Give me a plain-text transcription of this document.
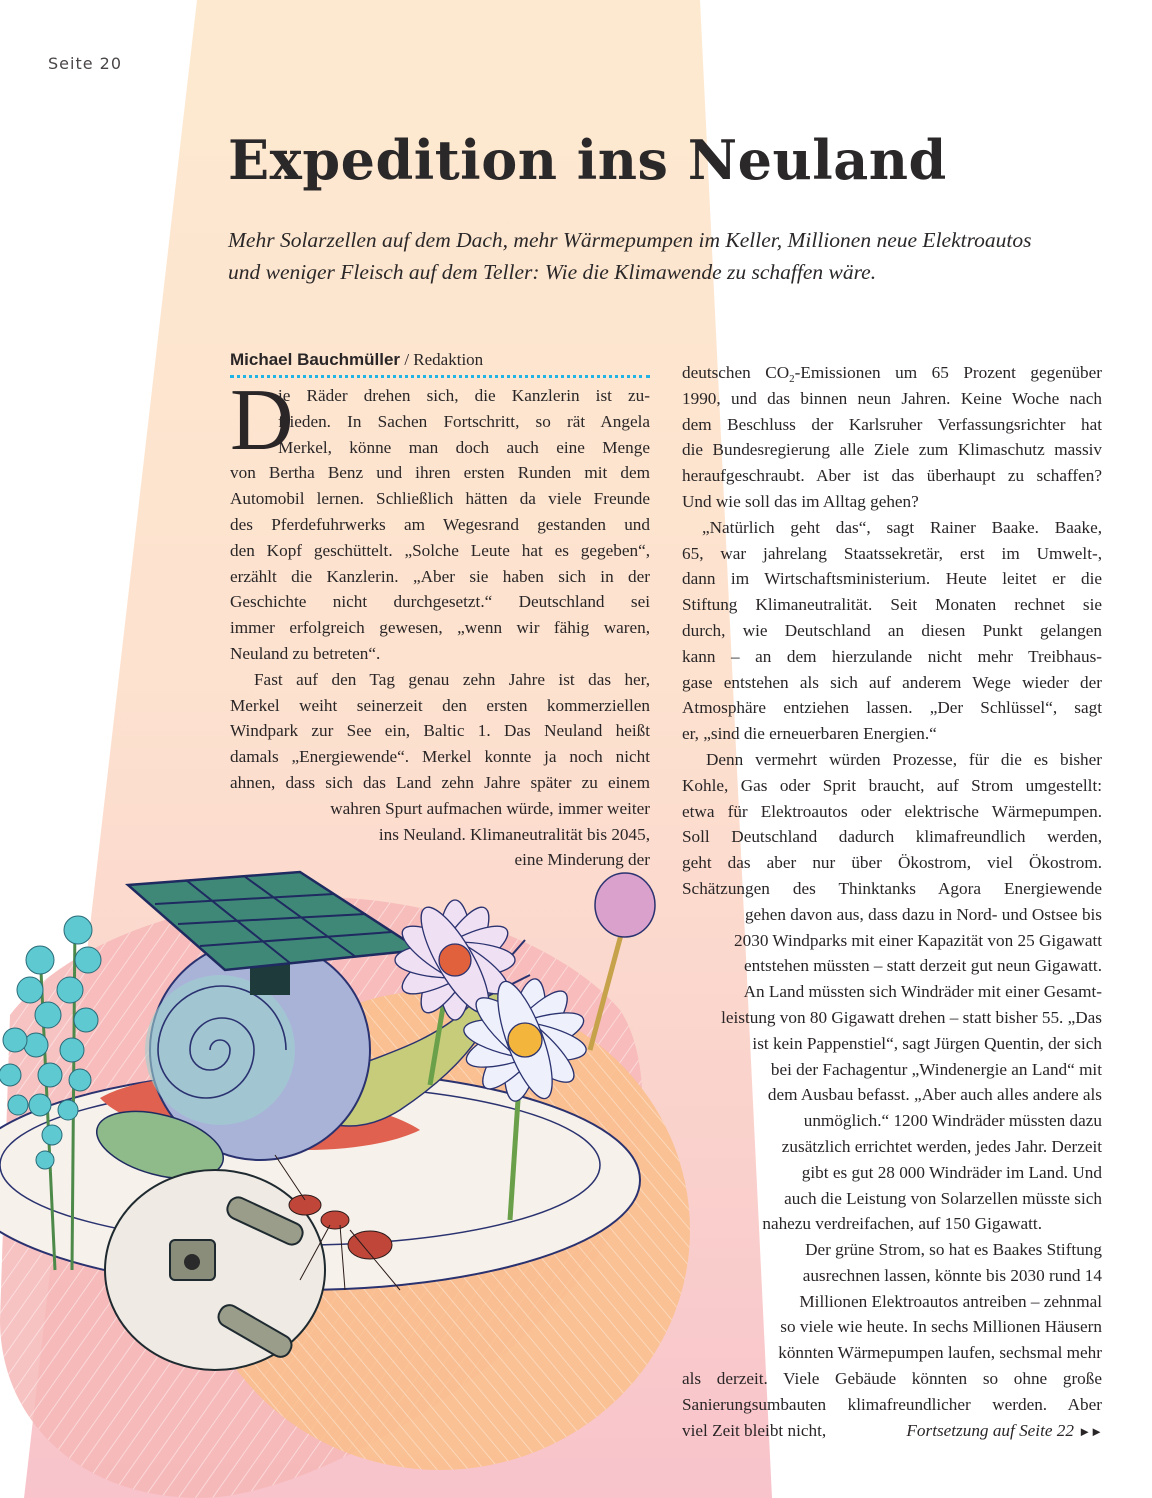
Seite 20
Expedition ins Neuland
Mehr Solarzellen auf dem Dach, mehr Wärmepumpen im Keller, Millionen neue Elektroautos
und weniger Fleisch auf dem Teller: Wie die Klimawende zu schaffen wäre.
Michael Bauchmüller / Redaktion
D
ie Räder drehen sich, die Kanzlerin ist zu-
frieden. In Sachen Fortschritt, so rät Angela
Merkel, könne man doch auch eine Menge
von Bertha Benz und ihren ersten Runden mit dem
Automobil lernen. Schließlich hätten da viele Freunde
des Pferdefuhrwerks am Wegesrand gestanden und
den Kopf geschüttelt. „Solche Leute hat es gegeben“,
erzählt die Kanzlerin. „Aber sie haben sich in der
Geschichte nicht durchgesetzt.“ Deutschland sei
immer erfolgreich gewesen, „wenn wir fähig waren,
Neuland zu betreten“.
Fast auf den Tag genau zehn Jahre ist das her,
Merkel weiht seinerzeit den ersten kommerziellen
Windpark zur See ein, Baltic 1. Das Neuland heißt
damals „Energiewende“. Merkel konnte ja noch nicht
ahnen, dass sich das Land zehn Jahre später zu einem
wahren Spurt aufmachen würde, immer weiter
ins Neuland. Klimaneutralität bis 2045,
eine Minderung der
deutschen $CO_2$-Emissionen um 65 Prozent gegenüber
1990, und das binnen neun Jahren. Keine Woche nach
dem Beschluss der Karlsruher Verfassungsrichter hat
die Bundesregierung alle Ziele zum Klimaschutz massiv
heraufgeschraubt. Aber ist das überhaupt zu schaffen?
Und wie soll das im Alltag gehen?
„Natürlich geht das“, sagt Rainer Baake. Baake,
65, war jahrelang Staatssekretär, erst im Umwelt-,
dann im Wirtschaftsministerium. Heute leitet er die
Stiftung Klimaneutralität. Seit Monaten rechnet sie
durch, wie Deutschland an diesen Punkt gelangen
kann – an dem hierzulande nicht mehr Treibhaus-
gase entstehen als sich auf anderem Wege wieder der
Atmosphäre entziehen lassen. „Der Schlüssel“, sagt
er, „sind die erneuerbaren Energien.“
Denn vermehrt würden Prozesse, für die es bisher
Kohle, Gas oder Sprit braucht, auf Strom umgestellt:
etwa für Elektroautos oder elektrische Wärmepumpen.
Soll Deutschland dadurch klimafreundlich werden,
geht das aber nur über Ökostrom, viel Ökostrom.
Schätzungen des Thinktanks Agora Energiewende
gehen davon aus, dass dazu in Nord- und Ostsee bis
2030 Windparks mit einer Kapazität von 25 Gigawatt
entstehen müssten – statt derzeit gut neun Gigawatt.
An Land müssten sich Windräder mit einer Gesamt-
leistung von 80 Gigawatt drehen – statt bisher 55. „Das
ist kein Pappenstiel“, sagt Jürgen Quentin, der sich
bei der Fachagentur „Windenergie an Land“ mit
dem Ausbau befasst. „Aber auch alles andere als
unmöglich.“ 1200 Windräder müssten dazu
zusätzlich errichtet werden, jedes Jahr. Derzeit
gibt es gut 28 000 Windräder im Land. Und
auch die Leistung von Solarzellen müsste sich
nahezu verdreifachen, auf 150 Gigawatt.
Der grüne Strom, so hat es Baakes Stiftung
ausrechnen lassen, könnte bis 2030 rund 14
Millionen Elektroautos antreiben – zehnmal
so viele wie heute. In sechs Millionen Häusern
könnten Wärmepumpen laufen, sechsmal mehr
als derzeit. Viele Gebäude könnten so ohne große
Sanierungsumbauten klimafreundlicher werden. Aber
viel Zeit bleibt nicht,	Fortsetzung auf Seite 22 ►►
